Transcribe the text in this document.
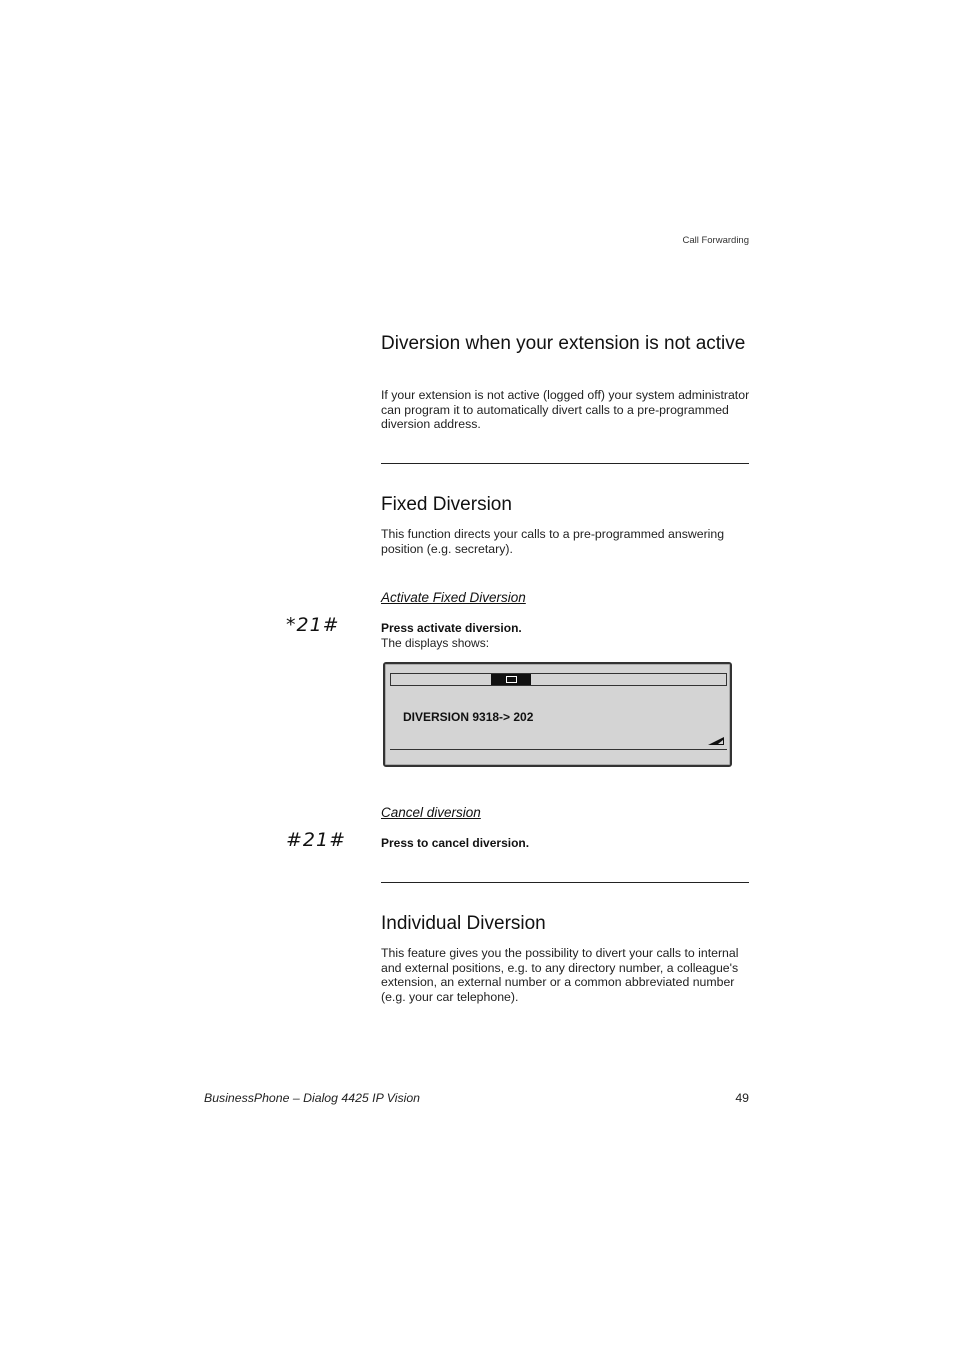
Call Forwarding
Diversion when your extension is not active

If your extension is not active (logged off) your system administrator can program it to automatically divert calls to a pre-programmed diversion address.

Fixed Diversion

This function directs your calls to a pre-programmed answering position (e.g. secretary).

Activate Fixed Diversion
*21#	Press activate diversion.
The displays shows:
DIVERSION 9318-> 202
Cancel diversion
#21#	Press to cancel diversion.
Individual Diversion

This feature gives you the possibility to divert your calls to internal and external positions, e.g. to any directory number, a colleague's extension, an external number or a common abbreviated number (e.g. your car telephone).

BusinessPhone – Dialog 4425 IP Vision	49
